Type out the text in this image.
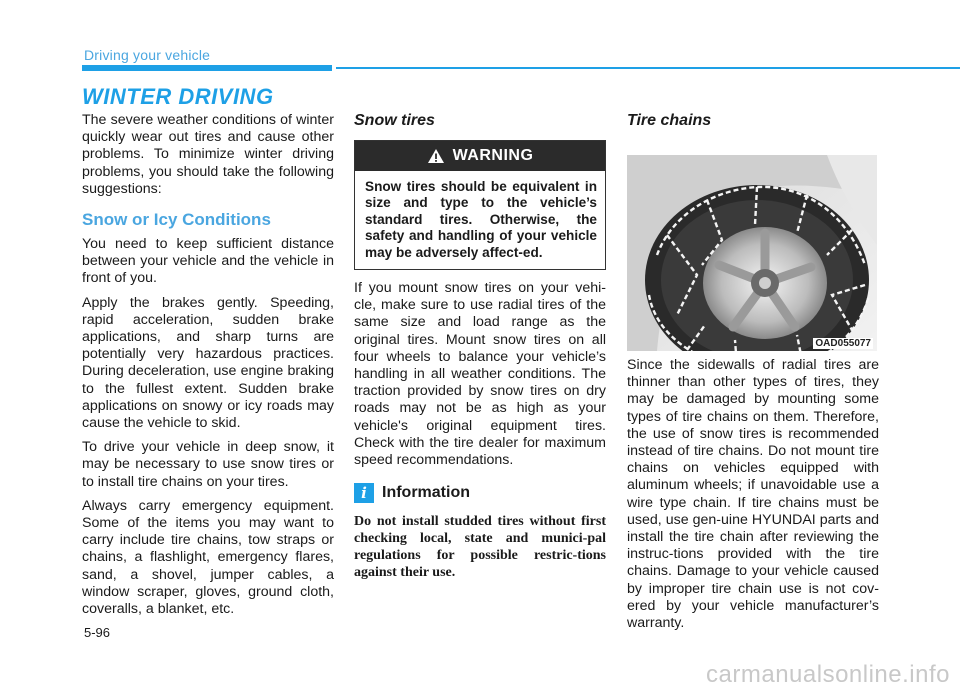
Driving your vehicle
WINTER DRIVING

The severe weather conditions of winter quickly wear out tires and cause other problems. To minimize winter driving problems, you should take the following suggestions:

Snow or Icy Conditions

You need to keep sufficient distance between your vehicle and the vehicle in front of you.

Apply the brakes gently. Speeding, rapid acceleration, sudden brake applications, and sharp turns are potentially very hazardous practices. During deceleration, use engine braking to the fullest extent. Sudden brake applications on snowy or icy roads may cause the vehicle to skid.

To drive your vehicle in deep snow, it may be necessary to use snow tires or to install tire chains on your tires.

Always carry emergency equipment. Some of the items you may want to carry include tire chains, tow straps or chains, a flashlight, emergency flares, sand, a shovel, jumper cables, a window scraper, gloves, ground cloth, coveralls, a blanket, etc.

Snow tires
WARNING
Snow tires should be equivalent in size and type to the vehicle’s standard tires. Otherwise, the safety and handling of your vehicle may be adversely affect-ed.

If you mount snow tires on your vehi-cle, make sure to use radial tires of the same size and load range as the original tires. Mount snow tires on all four wheels to balance your vehicle’s handling in all weather conditions. The traction provided by snow tires on dry roads may not be as high as your vehicle's original equipment tires. Check with the tire dealer for maximum speed recommendations.

i Information

Do not install studded tires without first checking local, state and munici-pal regulations for possible restric-tions against their use.

Tire chains
OAD055077

Since the sidewalls of radial tires are thinner than other types of tires, they may be damaged by mounting some types of tire chains on them. Therefore, the use of snow tires is recommended instead of tire chains. Do not mount tire chains on vehicles equipped with aluminum wheels; if unavoidable use a wire type chain. If tire chains must be used, use gen-uine HYUNDAI parts and install the tire chain after reviewing the instruc-tions provided with the tire chains. Damage to your vehicle caused by improper tire chain use is not cov-ered by your vehicle manufacturer’s warranty.

5-96
carmanualsonline.info
